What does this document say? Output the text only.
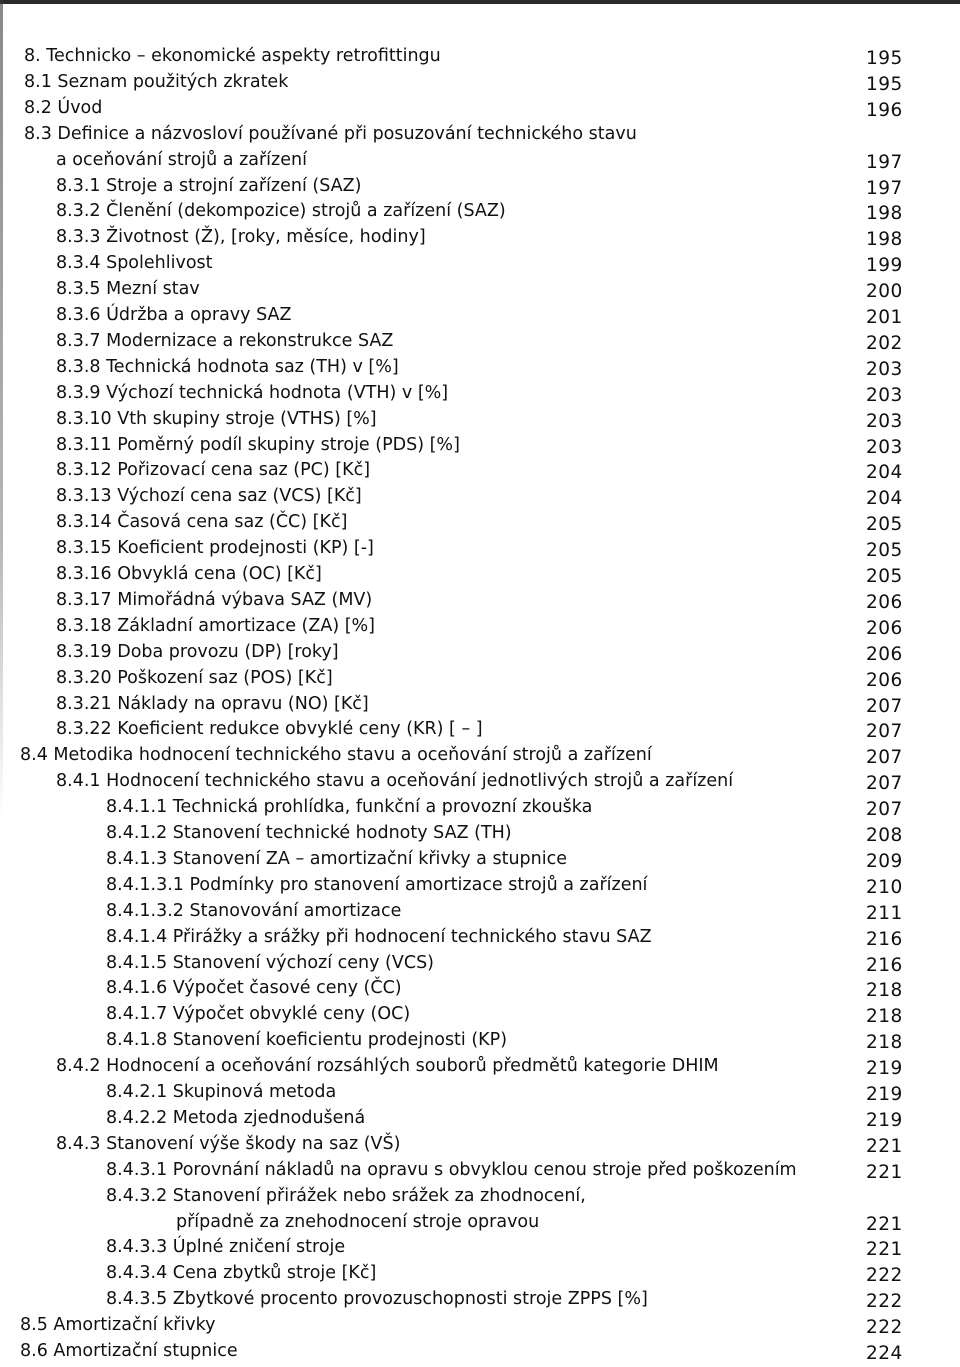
8. Technicko – ekonomické aspekty retrofittingu	195
8.1 Seznam použitých zkratek	195
8.2 Úvod	196
8.3 Definice a názvosloví používané při posuzování technického stavu
a oceňování strojů a zařízení	197
8.3.1 Stroje a strojní zařízení (SAZ)	197
8.3.2 Členění (dekompozice) strojů a zařízení (SAZ)	198
8.3.3 Životnost (Ž), [roky, měsíce, hodiny]	198
8.3.4 Spolehlivost	199
8.3.5 Mezní stav	200
8.3.6 Údržba a opravy SAZ	201
8.3.7 Modernizace a rekonstrukce SAZ	202
8.3.8 Technická hodnota saz (TH) v [%]	203
8.3.9 Výchozí technická hodnota (VTH) v [%]	203
8.3.10 Vth skupiny stroje (VTHS) [%]	203
8.3.11 Poměrný podíl skupiny stroje (PDS) [%]	203
8.3.12 Pořizovací cena saz (PC) [Kč]	204
8.3.13 Výchozí cena saz (VCS) [Kč]	204
8.3.14 Časová cena saz (ČC) [Kč]	205
8.3.15 Koeficient prodejnosti (KP) [-]	205
8.3.16 Obvyklá cena (OC) [Kč]	205
8.3.17 Mimořádná výbava SAZ (MV)	206
8.3.18 Základní amortizace (ZA) [%]	206
8.3.19 Doba provozu (DP) [roky]	206
8.3.20 Poškození saz (POS) [Kč]	206
8.3.21 Náklady na opravu (NO) [Kč]	207
8.3.22 Koeficient redukce obvyklé ceny (KR) [ – ]	207
8.4 Metodika hodnocení technického stavu a oceňování strojů a zařízení	207
8.4.1 Hodnocení technického stavu a oceňování jednotlivých strojů a zařízení	207
8.4.1.1 Technická prohlídka, funkční a provozní zkouška	207
8.4.1.2 Stanovení technické hodnoty SAZ (TH)	208
8.4.1.3 Stanovení ZA – amortizační křivky a stupnice	209
8.4.1.3.1 Podmínky pro stanovení amortizace strojů a zařízení	210
8.4.1.3.2 Stanovování amortizace	211
8.4.1.4 Přirážky a srážky při hodnocení technického stavu SAZ	216
8.4.1.5 Stanovení výchozí ceny (VCS)	216
8.4.1.6 Výpočet časové ceny (ČC)	218
8.4.1.7 Výpočet obvyklé ceny (OC)	218
8.4.1.8 Stanovení koeficientu prodejnosti (KP)	218
8.4.2 Hodnocení a oceňování rozsáhlých souborů předmětů kategorie DHIM	219
8.4.2.1 Skupinová metoda	219
8.4.2.2 Metoda zjednodušená	219
8.4.3 Stanovení výše škody na saz (VŠ)	221
8.4.3.1 Porovnání nákladů na opravu s obvyklou cenou stroje před poškozením	221
8.4.3.2 Stanovení přirážek nebo srážek za zhodnocení,
případně za znehodnocení stroje opravou	221
8.4.3.3 Úplné zničení stroje	221
8.4.3.4 Cena zbytků stroje [Kč]	222
8.4.3.5 Zbytkové procento provozuschopnosti stroje ZPPS [%]	222
8.5 Amortizační křivky	222
8.6 Amortizační stupnice	224
